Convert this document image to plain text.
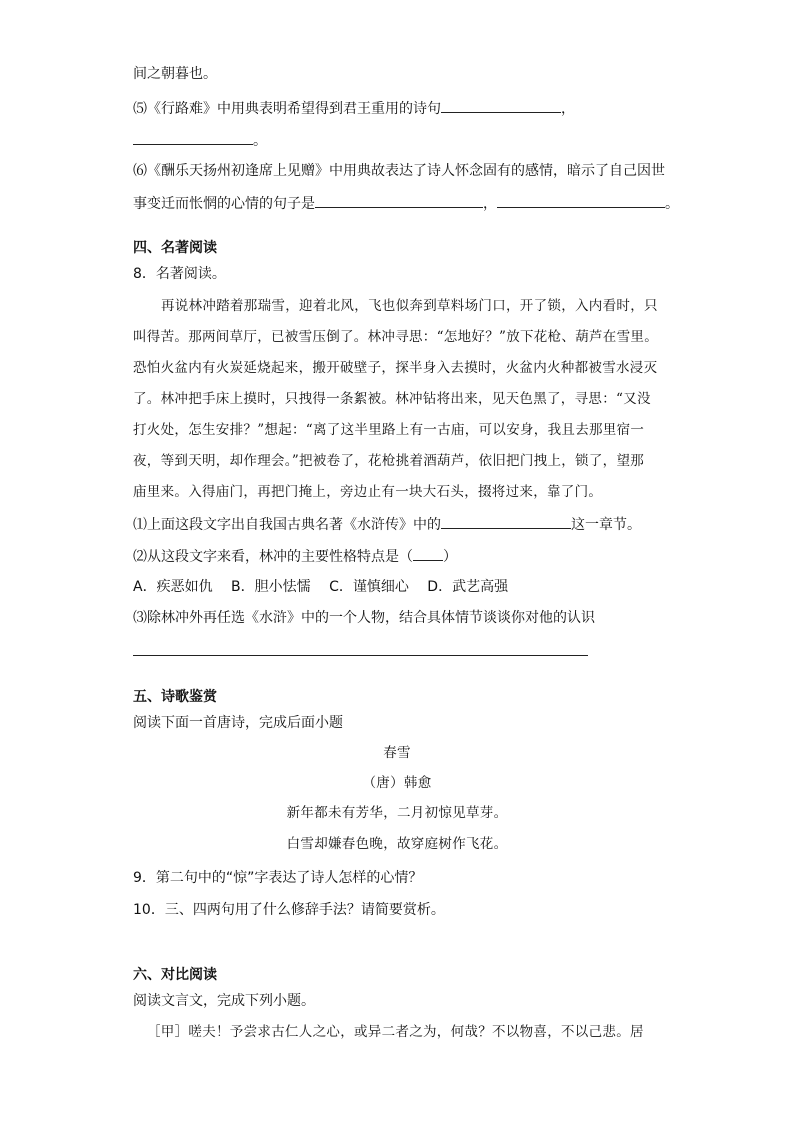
间之朝暮也。
⑸《行路难》中用典表明希望得到君王重用的诗句	，
。
⑹《酬乐天扬州初逢席上见赠》中用典故表达了诗人怀念固有的感情，暗示了自己因世
事变迁而怅惘的心情的句子是	，	。
四、名著阅读
8．名著阅读。
再说林冲踏着那瑞雪，迎着北风，飞也似奔到草料场门口，开了锁，入内看时，只
叫得苦。那两间草厅，已被雪压倒了。林冲寻思：“怎地好？”放下花枪、葫芦在雪里。
恐怕火盆内有火炭延烧起来，搬开破壁子，探半身入去摸时，火盆内火种都被雪水浸灭
了。林冲把手床上摸时，只拽得一条絮被。林冲钻将出来，见天色黑了，寻思：“又没
打火处，怎生安排？”想起：“离了这半里路上有一古庙，可以安身，我且去那里宿一
夜，等到天明，却作理会。”把被卷了，花枪挑着酒葫芦，依旧把门拽上，锁了，望那
庙里来。入得庙门，再把门掩上，旁边止有一块大石头，掇将过来，靠了门。
⑴上面这段文字出自我国古典名著《水浒传》中的	这一章节。
⑵从这段文字来看，林冲的主要性格特点是（ ）
A．疾恶如仇　 B．胆小怯懦　 C．谨慎细心　 D．武艺高强
⑶除林冲外再任选《水浒》中的一个人物，结合具体情节谈谈你对他的认识
五、诗歌鉴赏
阅读下面一首唐诗，完成后面小题
春雪
（唐）韩愈
新年都未有芳华，二月初惊见草芽。
白雪却嫌春色晚，故穿庭树作飞花。
9．第二句中的“惊”字表达了诗人怎样的心情？
10．三、四两句用了什么修辞手法？请简要赏析。
六、对比阅读
阅读文言文，完成下列小题。
［甲］嗟夫！予尝求古仁人之心，或异二者之为，何哉？不以物喜，不以己悲。居
